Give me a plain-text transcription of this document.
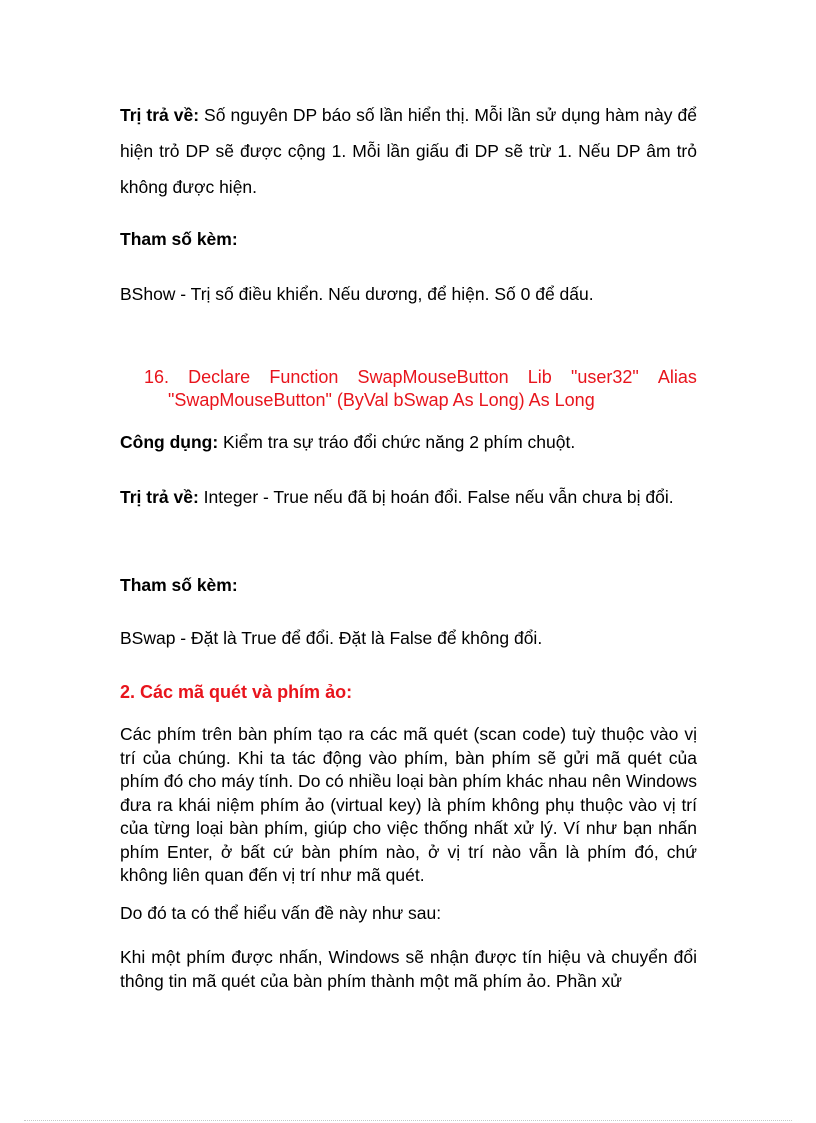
Trị trả về: Số nguyên DP báo số lần hiển thị. Mỗi lần sử dụng hàm này để hiện trỏ DP sẽ được cộng 1. Mỗi lần giấu đi DP sẽ trừ 1. Nếu DP âm trỏ không được hiện.

Tham số kèm:

BShow - Trị số điều khiển. Nếu dương, để hiện. Số 0 để dấu.

16. Declare Function SwapMouseButton Lib "user32" Alias
"SwapMouseButton" (ByVal bSwap As Long) As Long

Công dụng: Kiểm tra sự tráo đổi chức năng 2 phím chuột.

Trị trả về: Integer - True nếu đã bị hoán đổi. False nếu vẫn chưa bị đổi.

Tham số kèm:

BSwap - Đặt là True để đổi. Đặt là False để không đổi.

2. Các mã quét và phím ảo:

Các phím trên bàn phím tạo ra các mã quét (scan code) tuỳ thuộc vào vị trí của chúng. Khi ta tác động vào phím, bàn phím sẽ gửi mã quét của phím đó cho máy tính. Do có nhiều loại bàn phím khác nhau nên Windows đưa ra khái niệm phím ảo (virtual key) là phím không phụ thuộc vào vị trí của từng loại bàn phím, giúp cho việc thống nhất xử lý. Ví như bạn nhấn phím Enter, ở bất cứ bàn phím nào, ở vị trí nào vẫn là phím đó, chứ không liên quan đến vị trí như mã quét.

Do đó ta có thể hiểu vấn đề này như sau:

Khi một phím được nhấn, Windows sẽ nhận được tín hiệu và chuyển đổi thông tin mã quét của bàn phím thành một mã phím ảo. Phần xử
